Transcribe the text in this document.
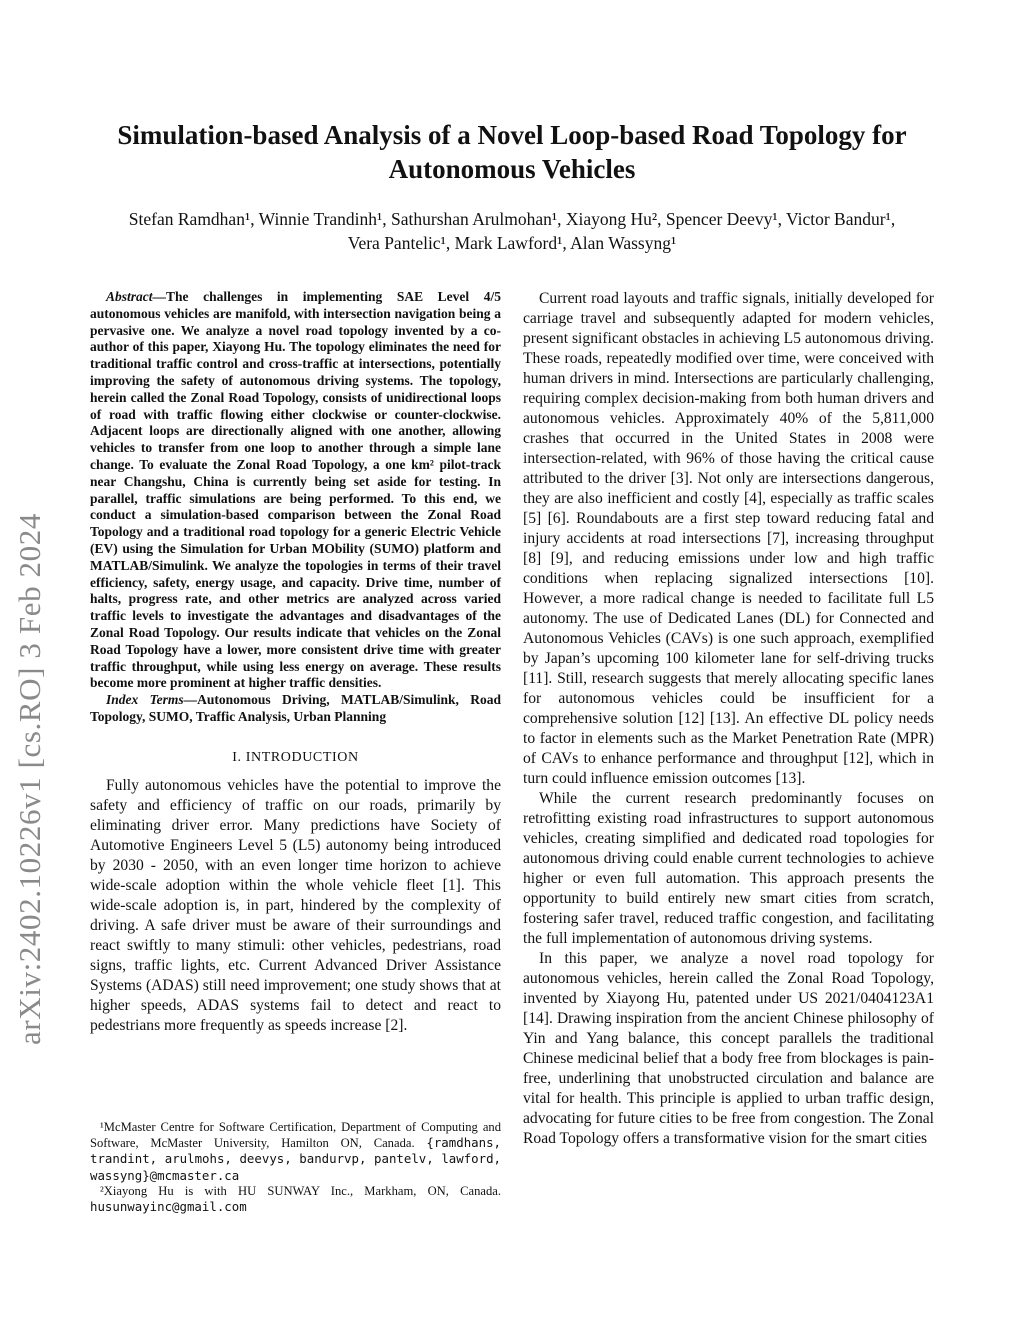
arXiv:2402.10226v1 [cs.RO] 3 Feb 2024
Simulation-based Analysis of a Novel Loop-based Road Topology for Autonomous Vehicles
Stefan Ramdhan¹, Winnie Trandinh¹, Sathurshan Arulmohan¹, Xiayong Hu², Spencer Deevy¹, Victor Bandur¹,
Vera Pantelic¹, Mark Lawford¹, Alan Wassyng¹

Abstract—The challenges in implementing SAE Level 4/5 autonomous vehicles are manifold, with intersection navigation being a pervasive one. We analyze a novel road topology invented by a co-author of this paper, Xiayong Hu. The topology eliminates the need for traditional traffic control and cross-traffic at intersections, potentially improving the safety of autonomous driving systems. The topology, herein called the Zonal Road Topology, consists of unidirectional loops of road with traffic flowing either clockwise or counter-clockwise. Adjacent loops are directionally aligned with one another, allowing vehicles to transfer from one loop to another through a simple lane change. To evaluate the Zonal Road Topology, a one km² pilot-track near Changshu, China is currently being set aside for testing. In parallel, traffic simulations are being performed. To this end, we conduct a simulation-based comparison between the Zonal Road Topology and a traditional road topology for a generic Electric Vehicle (EV) using the Simulation for Urban MObility (SUMO) platform and MATLAB/Simulink. We analyze the topologies in terms of their travel efficiency, safety, energy usage, and capacity. Drive time, number of halts, progress rate, and other metrics are analyzed across varied traffic levels to investigate the advantages and disadvantages of the Zonal Road Topology. Our results indicate that vehicles on the Zonal Road Topology have a lower, more consistent drive time with greater traffic throughput, while using less energy on average. These results become more prominent at higher traffic densities.

Index Terms—Autonomous Driving, MATLAB/Simulink, Road Topology, SUMO, Traffic Analysis, Urban Planning

I. INTRODUCTION

Fully autonomous vehicles have the potential to improve the safety and efficiency of traffic on our roads, primarily by eliminating driver error. Many predictions have Society of Automotive Engineers Level 5 (L5) autonomy being introduced by 2030 - 2050, with an even longer time horizon to achieve wide-scale adoption within the whole vehicle fleet [1]. This wide-scale adoption is, in part, hindered by the complexity of driving. A safe driver must be aware of their surroundings and react swiftly to many stimuli: other vehicles, pedestrians, road signs, traffic lights, etc. Current Advanced Driver Assistance Systems (ADAS) still need improvement; one study shows that at higher speeds, ADAS systems fail to detect and react to pedestrians more frequently as speeds increase [2].

¹McMaster Centre for Software Certification, Department of Computing and Software, McMaster University, Hamilton ON, Canada. {ramdhans, trandint, arulmohs, deevys, bandurvp, pantelv, lawford, wassyng}@mcmaster.ca

²Xiayong Hu is with HU SUNWAY Inc., Markham, ON, Canada. husunwayinc@gmail.com

Current road layouts and traffic signals, initially developed for carriage travel and subsequently adapted for modern vehicles, present significant obstacles in achieving L5 autonomous driving. These roads, repeatedly modified over time, were conceived with human drivers in mind. Intersections are particularly challenging, requiring complex decision-making from both human drivers and autonomous vehicles. Approximately 40% of the 5,811,000 crashes that occurred in the United States in 2008 were intersection-related, with 96% of those having the critical cause attributed to the driver [3]. Not only are intersections dangerous, they are also inefficient and costly [4], especially as traffic scales [5] [6]. Roundabouts are a first step toward reducing fatal and injury accidents at road intersections [7], increasing throughput [8] [9], and reducing emissions under low and high traffic conditions when replacing signalized intersections [10]. However, a more radical change is needed to facilitate full L5 autonomy. The use of Dedicated Lanes (DL) for Connected and Autonomous Vehicles (CAVs) is one such approach, exemplified by Japan’s upcoming 100 kilometer lane for self-driving trucks [11]. Still, research suggests that merely allocating specific lanes for autonomous vehicles could be insufficient for a comprehensive solution [12] [13]. An effective DL policy needs to factor in elements such as the Market Penetration Rate (MPR) of CAVs to enhance performance and throughput [12], which in turn could influence emission outcomes [13].

While the current research predominantly focuses on retrofitting existing road infrastructures to support autonomous vehicles, creating simplified and dedicated road topologies for autonomous driving could enable current technologies to achieve higher or even full automation. This approach presents the opportunity to build entirely new smart cities from scratch, fostering safer travel, reduced traffic congestion, and facilitating the full implementation of autonomous driving systems.

In this paper, we analyze a novel road topology for autonomous vehicles, herein called the Zonal Road Topology, invented by Xiayong Hu, patented under US 2021/0404123A1 [14]. Drawing inspiration from the ancient Chinese philosophy of Yin and Yang balance, this concept parallels the traditional Chinese medicinal belief that a body free from blockages is pain-free, underlining that unobstructed circulation and balance are vital for health. This principle is applied to urban traffic design, advocating for future cities to be free from congestion. The Zonal Road Topology offers a transformative vision for the smart cities
